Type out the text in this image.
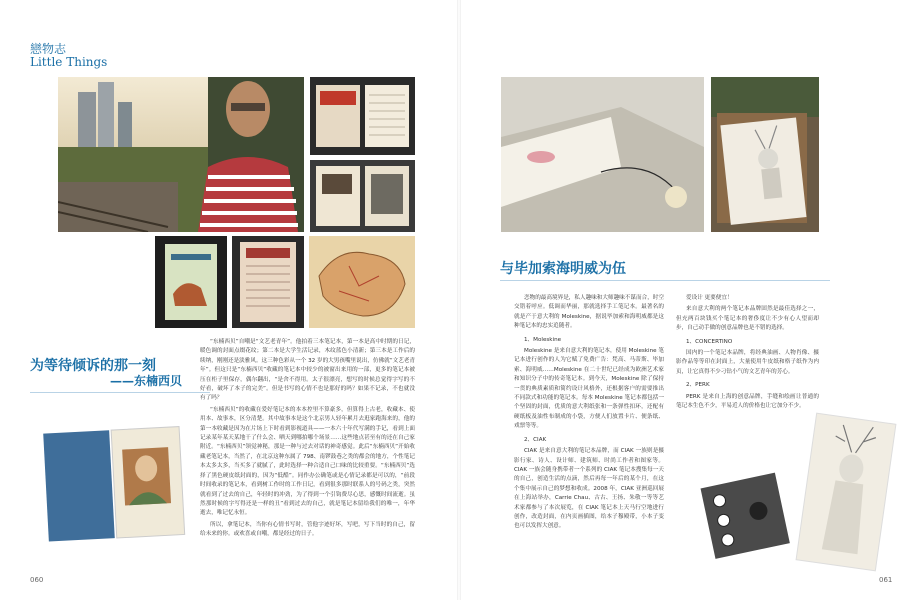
戀物志
Little Things
为等待倾诉的那一刻
——东楠西贝

“东楠西贝”自嘲是“文艺老青年”。他拍着三本笔记本，第一本是高中时期的日记，暖色调的封面点缀花纹；第二本是大学生活记录，木纹蓝色小清新；第三本是工作后的续纳，刚刚还是淡雅风。这三种色彩从一个 32 岁的大男孩嘴里说出，仿佛就“文艺老青年”。但这只是“东楠西贝”收藏的笔记本中较少的被窗出来用的一部，更多的笔记本被压在柜子里保存，偶尔翻出，“是舍不得用。太子很漂亮，想写的时候总觉得字写的不好看，破坏了本子的完美”。但是书写的心情不也是那好的吗？如果不记录，不也就没有了吗？

“东楠西贝”的收藏在爱好笔记本的本本控里不算豪多，但算得上古老，收藏本、使用本、故事本，区分清楚。其中故事本是这个北京男人轻年累月去逛家跑海来的，他的第一本收藏是因为在片场上下时看到影视道具——一本六十年代写满的手记，看到上面记录某年某天某地干了什么会、晒天到哪拍哪个场景……这些地点甚至有的还在自己家附近。“东楠西贝”领觉神秘，那是一种与过去对话的神奇感觉。此后“东楠西贝”开始收藏老笔记本，当然了，在北京这种东属了 798、南锣鼓巷之类的都会的地方，个性笔记本太多太多，当买多了就腻了，此时选择一种合适自己口味的比较重要。“东楠西贝”选择了黑色硬皮纸封面的，因为“低酷”。同作办公确笔或是心情记录都是可以的，“前段时间收录的笔记本，看到树工作时的工作日记，看到很多那时联系人的号码之类，突然就看到了过去的自己，年轻时的冲劲，为了得到一个引钩费尽心思，感慨时间流逝。虽然那时候的字写得还是一样的丑”看到过去的自己，就是笔记本留给我们的唯一，年华逝去，唯记忆永恒。

所以，拿笔记本，当你有心情书写时，管他字迹好坏，写吧，写下当时的自己，留给未来的你。或欢喜或自嘲，都是经过的日子。

060
与毕加索海明威为伍

恋物的最高境界是，私人趣味和大师趣味不谋而合，时空交错着呼应。低调而华丽，那就选择手工笔记本。最著名的就是产于意大利的 Moleskine，据说毕加索和海明威都是这种笔记本的忠实追随者。

1、Moleskine

Moleskine 是来自意大利的笔记本，使用 Moleskine 笔记本进行创作的人为它赋了免费广告：梵高、马蒂斯、毕加索、海明威……Moleskine 在二十世纪已经成为欧洲艺术家和知识分子中的传奇笔记本。到今天，Moleskine 除了保持一贯的典质素质和简约设计风格外，还根据客户的需要推出不同款式和功能的笔记本。每本 Moleskine 笔记本都包括一个坚固的封面，优质的意大利纸张和一条弹性扣环，还配有硬纸板及油性布制成的小袋，方便人们放置卡片、便条纸、戏票等等。

2、CIAK

CIAK 是来自意大利的笔记本品牌，而 CIAK 一族则是摄影行家、诗人、设计师、建筑师、时尚工作者和图家等。CIAK 一族会随身携带者一个系列的 CIAK 笔记本搜集每一天的自己，创造生活的点滴，然后再每一年后的某个月，在这个集中展示自己的梦想和收成。2008 年，CIAK 亚洲巡回展在上海站举办，Carrie Chau、古古、王扬、朱敬一等等艺术家都参与了本次展览，在 CIAK 笔记本上天马行空地进行创作，改造封面，在内页画插图，给本子穆殿带，小本子变也可以发挥大创意。

爱设计 更要便宜！

来自意大利的两个笔记本品牌固然是最佳选择之一，但充两百块钱买个笔记本的奢侈度让不少有心人望而却步，自己动手做的创意品牌也是不错的选择。

1、CONCERTINO

国内的一个笔记本品牌，将经典油画、人物肖像、摄影作品等等印在封面上，大量使用牛皮纸和格子纸作为内页，让它真得不少刁钻小气的文艺青年的芳心。

2、PERK

PERK 是来自上海的创意品牌，手缝和绘画让普通的笔记本生色不少，平易近人的价格也让它加分不少。

061
